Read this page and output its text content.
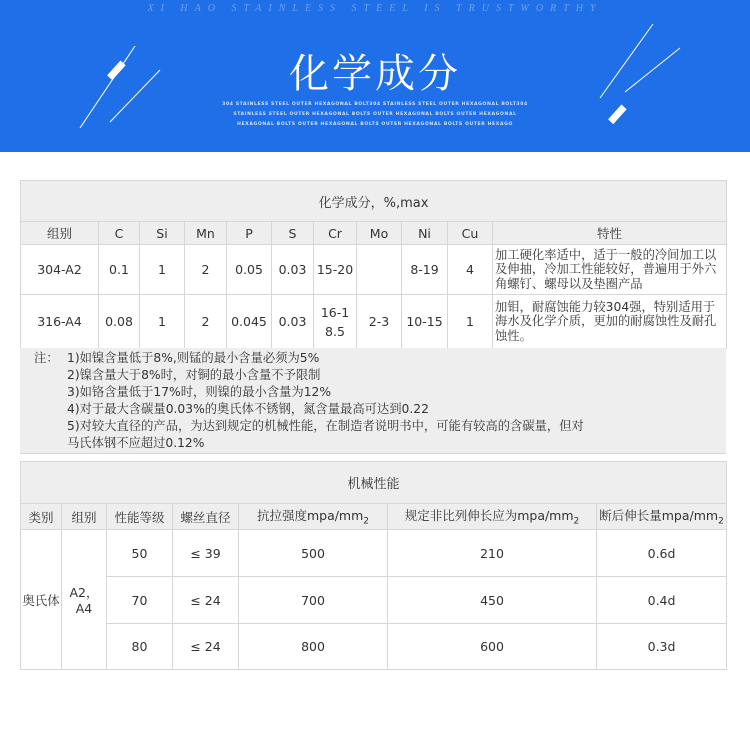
XI HAO STAINLESS STEEL IS TRUSTWORTHY
化学成分
304 STAINLESS STEEL OUTER HEXAGONAL BOLT304 STAINLESS STEEL OUTER HEXAGONAL BOLT304
STAINLESS STEEL OUTER HEXAGONAL BOLTS OUTER HEXAGONAL BOLTS OUTER HEXAGONAL
HEXAGONAL BOLTS OUTER HEXAGONAL BOLTS OUTER HEXAGONAL BOLTS OUTER HEXAGO
化学成分，%,max										
组别	C	Si	Mn	P	S	Cr	Mo	Ni	Cu	特性
304-A2	0.1	1	2	0.05	0.03	15-20		8-19	4	加工硬化率适中，适于一般的冷间加工以及伸抽，冷加工性能较好，普遍用于外六角螺钉、螺母以及垫圈产品
316-A4	0.08	1	2	0.045	0.03	16-18.5	2-3	10-15	1	加钼，耐腐蚀能力较304强，特别适用于海水及化学介质，更加的耐腐蚀性及耐孔蚀性。
注： 1)如镍含量低于8%,则锰的最小含量必须为5%
2)镍含量大于8%时，对铜的最小含量不予限制
3)如铬含量低于17%时，则镍的最小含量为12%
4)对于最大含碳量0.03%的奥氏体不锈钢，氮含量最高可达到0.22
5)对较大直径的产品，为达到规定的机械性能，在制造者说明书中，可能有较高的含碳量，但对
马氏体钢不应超过0.12%
机械性能						
类别	组别	性能等级	螺丝直径	抗拉强度mpa/$mm_2$	规定非比列伸长应为mpa/$mm_2$	断后伸长量mpa/$mm_2$
奥氏体	A2，A4	50	≤ 39	500	210	0.6d
		70	≤ 24	700	450	0.4d
		80	≤ 24	800	600	0.3d
